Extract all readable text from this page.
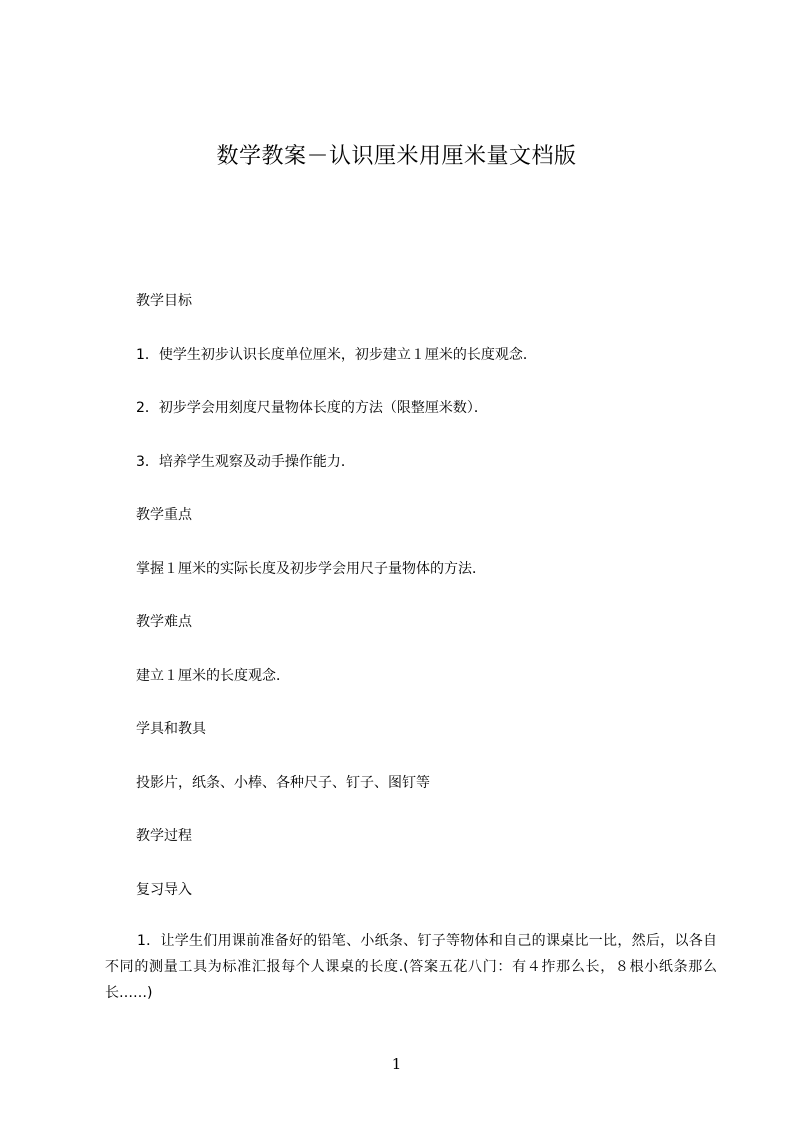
数学教案－认识厘米用厘米量文档版
教学目标
1．使学生初步认识长度单位厘米，初步建立１厘米的长度观念．
2．初步学会用刻度尺量物体长度的方法（限整厘米数）．
3．培养学生观察及动手操作能力．
教学重点
掌握１厘米的实际长度及初步学会用尺子量物体的方法．
教学难点
建立１厘米的长度观念．
学具和教具
投影片，纸条、小棒、各种尺子、钉子、图钉等
教学过程
复习导入
1．让学生们用课前准备好的铅笔、小纸条、钉子等物体和自己的课桌比一比，然后，以各自不同的测量工具为标准汇报每个人课桌的长度.(答案五花八门：有４拃那么长，８根小纸条那么长……)
1
